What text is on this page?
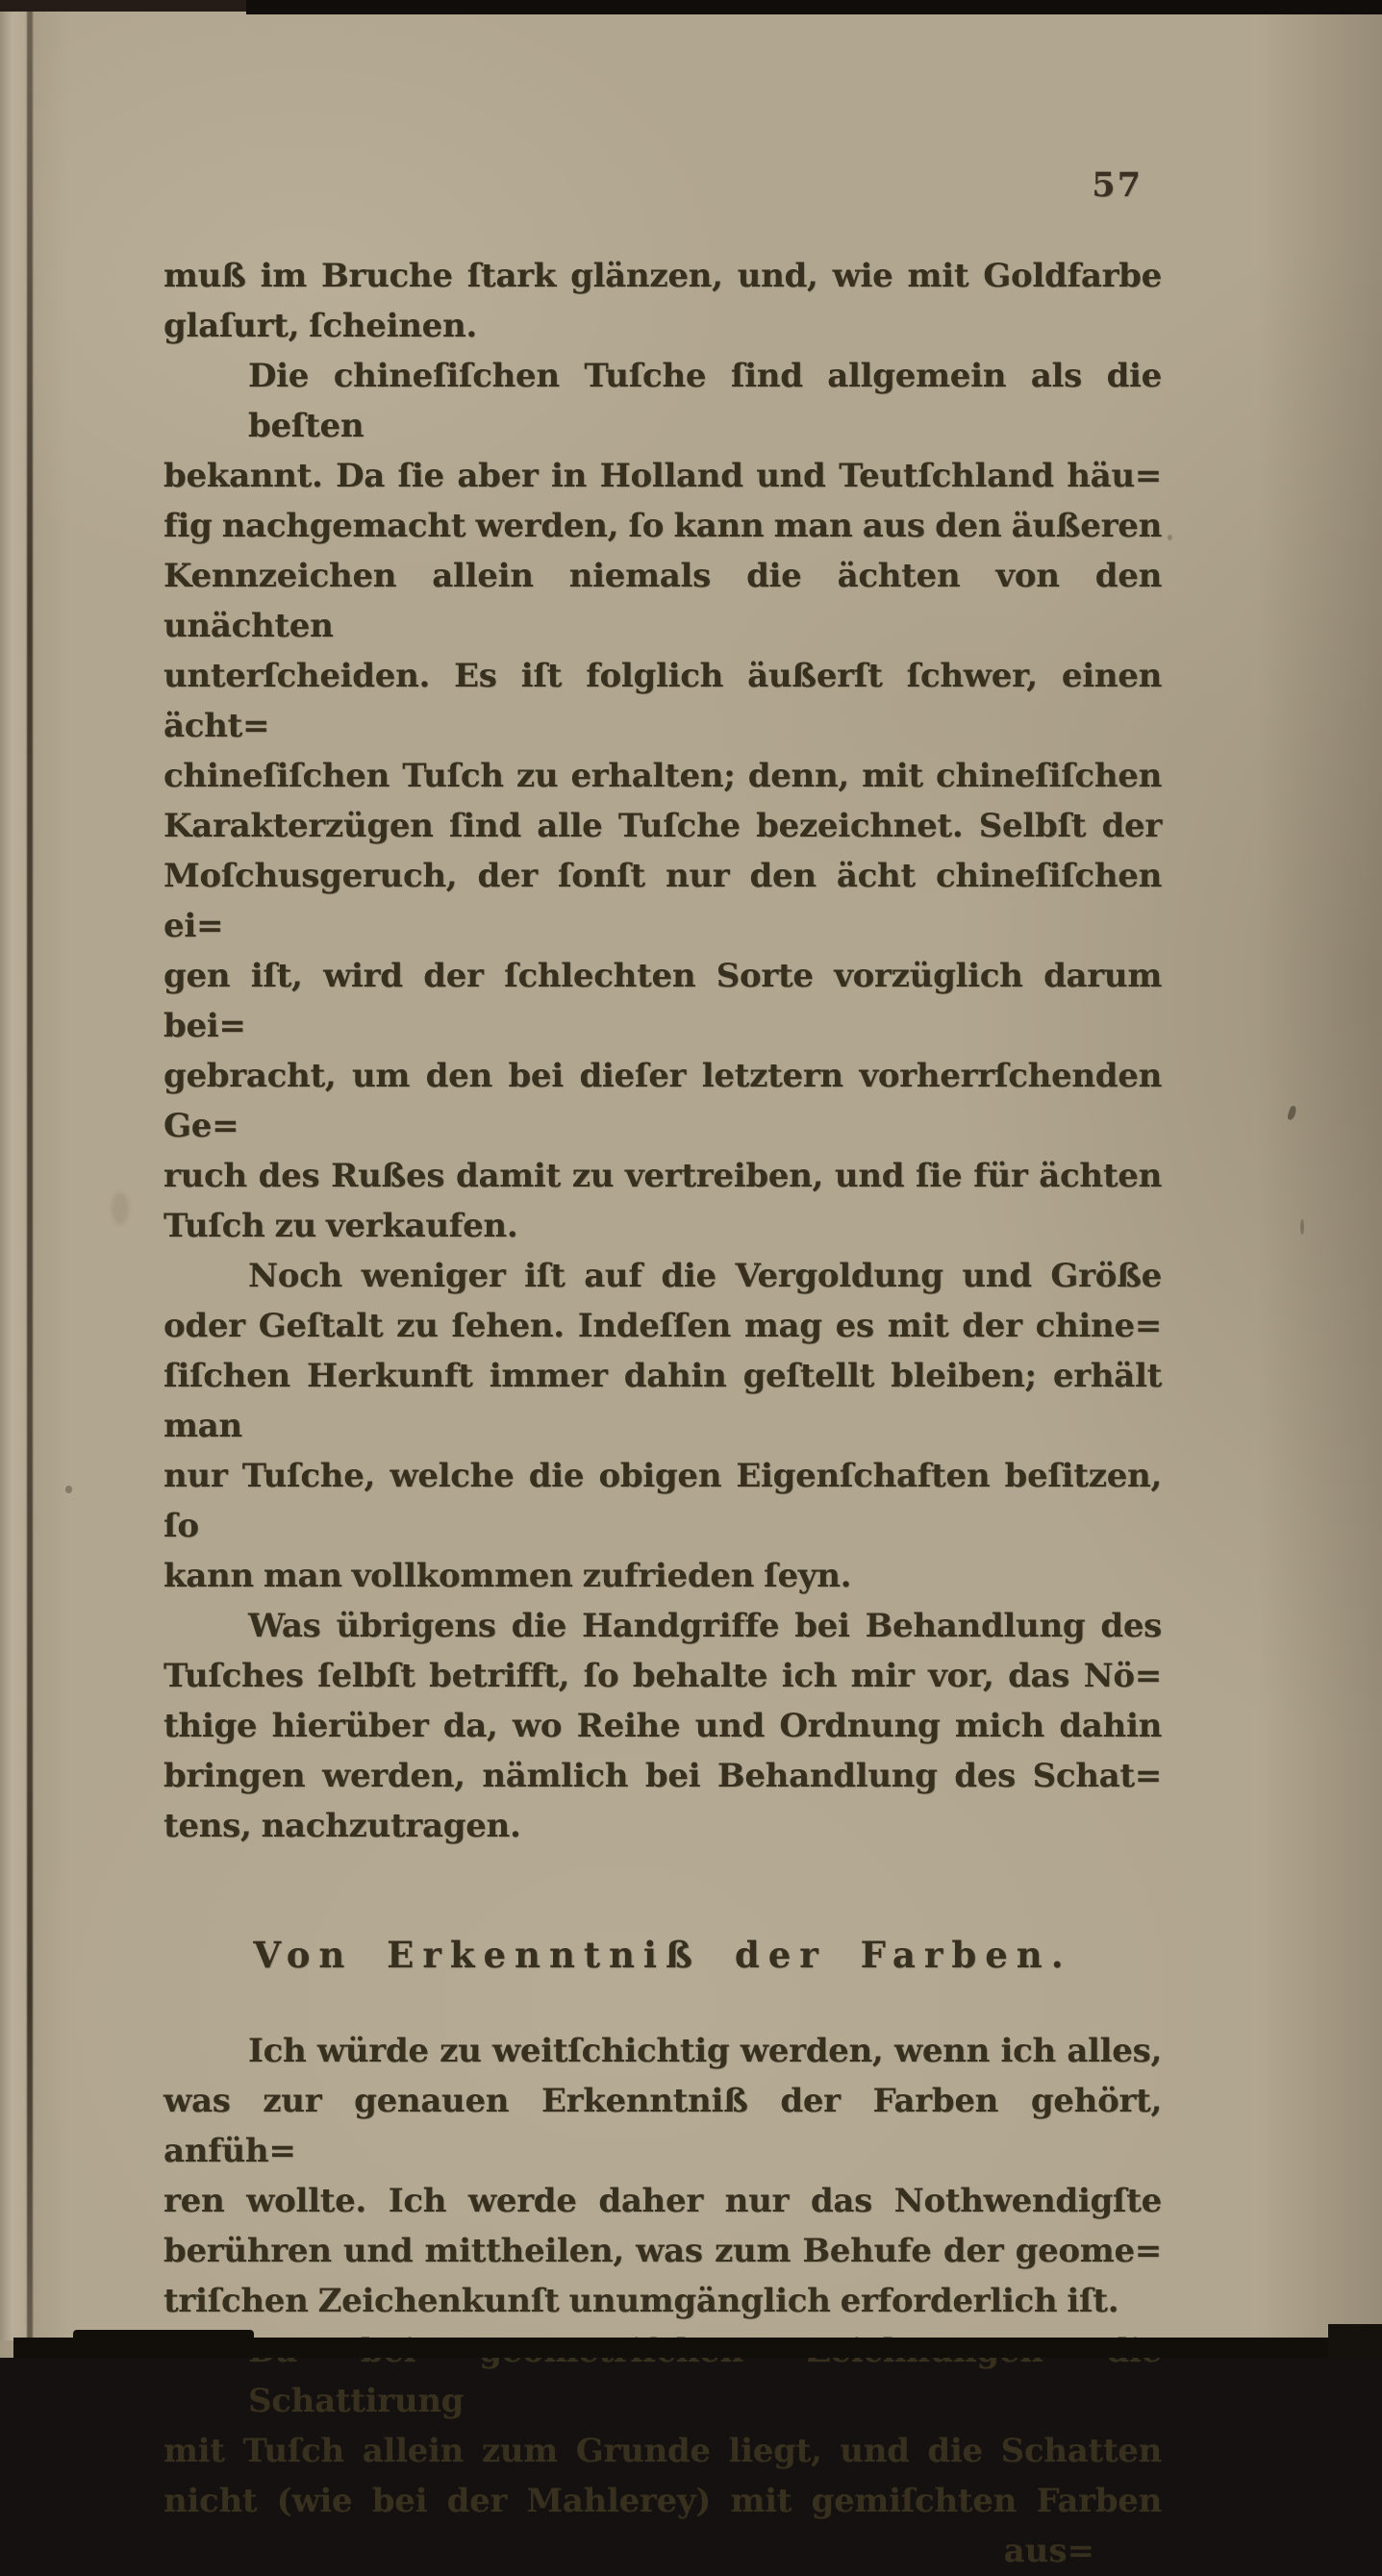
57
muß im Bruche ſtark glänzen, und, wie mit Goldfarbe
glaſurt, ſcheinen.
Die chineſiſchen Tuſche ſind allgemein als die beſten
bekannt. Da ſie aber in Holland und Teutſchland häu=
fig nachgemacht werden, ſo kann man aus den äußeren
Kennzeichen allein niemals die ächten von den unächten
unterſcheiden. Es iſt folglich äußerſt ſchwer, einen ächt=
chineſiſchen Tuſch zu erhalten; denn, mit chineſiſchen
Karakterzügen ſind alle Tuſche bezeichnet. Selbſt der
Moſchusgeruch, der ſonſt nur den ächt chineſiſchen ei=
gen iſt, wird der ſchlechten Sorte vorzüglich darum bei=
gebracht, um den bei dieſer letztern vorherrſchenden Ge=
ruch des Rußes damit zu vertreiben, und ſie für ächten
Tuſch zu verkaufen.
Noch weniger iſt auf die Vergoldung und Größe
oder Geſtalt zu ſehen. Indeſſen mag es mit der chine=
ſiſchen Herkunft immer dahin geſtellt bleiben; erhält man
nur Tuſche, welche die obigen Eigenſchaften beſitzen, ſo
kann man vollkommen zufrieden ſeyn.
Was übrigens die Handgriffe bei Behandlung des
Tuſches ſelbſt betrifft, ſo behalte ich mir vor, das Nö=
thige hierüber da, wo Reihe und Ordnung mich dahin
bringen werden, nämlich bei Behandlung des Schat=
tens, nachzutragen.
Von Erkenntniß der Farben.
Ich würde zu weitſchichtig werden, wenn ich alles,
was zur genauen Erkenntniß der Farben gehört, anfüh=
ren wollte. Ich werde daher nur das Nothwendigſte
berühren und mittheilen, was zum Behufe der geome=
triſchen Zeichenkunſt unumgänglich erforderlich iſt.
Schattirung
mit Tuſch allein zum Grunde liegt, und die Schatten
nicht (wie bei der Mahlerey) mit gemiſchten Farben
aus=
